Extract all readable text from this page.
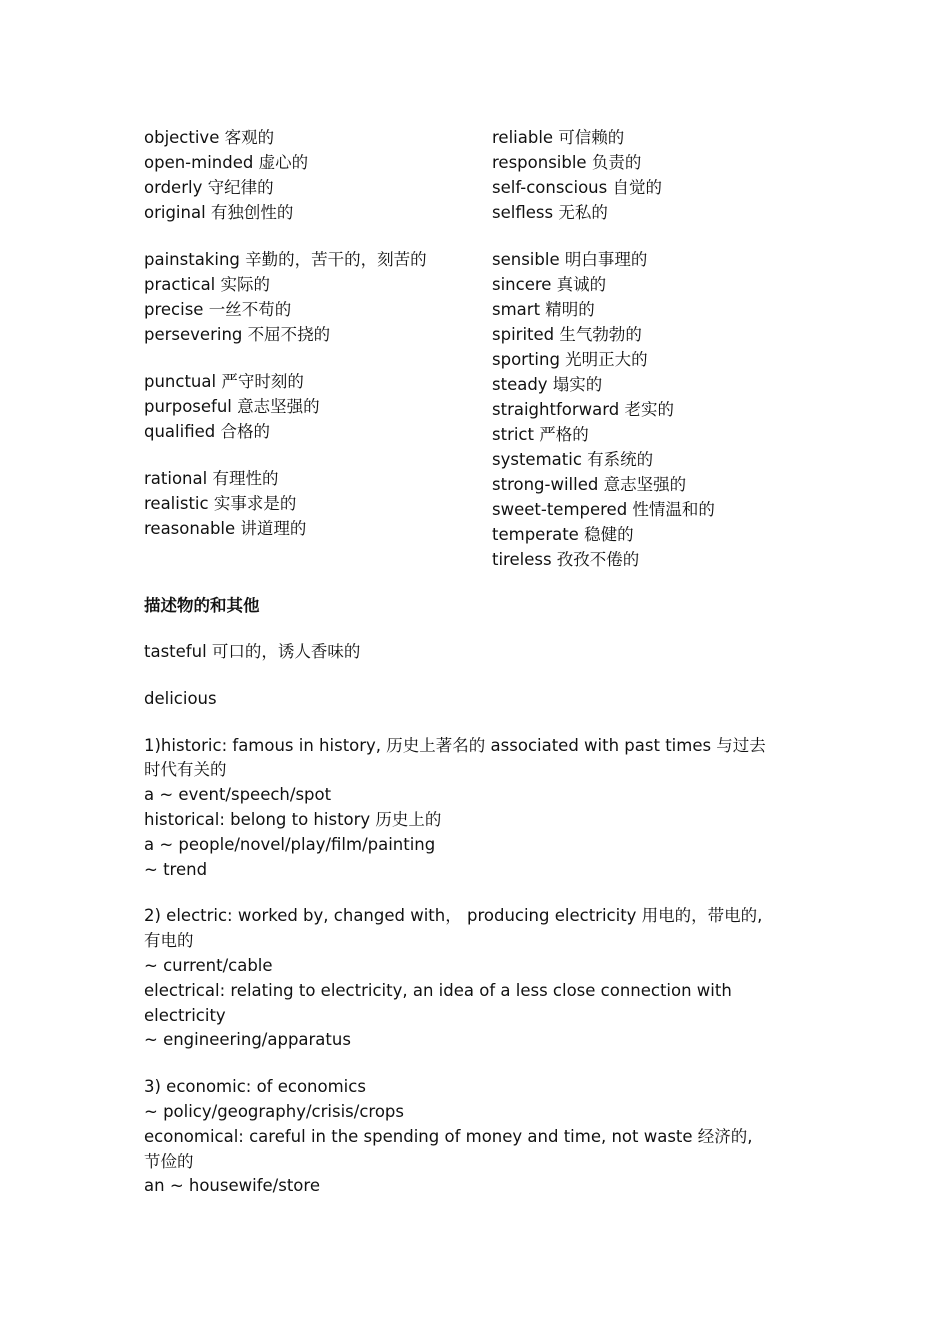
objective 客观的
open-minded 虚心的
orderly 守纪律的
original 有独创性的
painstaking 辛勤的，苦干的，刻苦的
practical 实际的
precise 一丝不苟的
persevering 不屈不挠的
punctual 严守时刻的
purposeful 意志坚强的
qualified 合格的
rational 有理性的
realistic 实事求是的
reasonable 讲道理的
reliable 可信赖的
responsible 负责的
self-conscious 自觉的
selfless 无私的
sensible 明白事理的
sincere 真诚的
smart 精明的
spirited 生气勃勃的
sporting 光明正大的
steady 塌实的
straightforward 老实的
strict 严格的
systematic 有系统的
strong-willed 意志坚强的
sweet-tempered 性情温和的
temperate 稳健的
tireless 孜孜不倦的
描述物的和其他
tasteful 可口的，诱人香味的
delicious
1)historic: famous in history, 历史上著名的 associated with past times 与过去
时代有关的
a ~ event/speech/spot
historical: belong to history 历史上的
a ~ people/novel/play/film/painting
~ trend
2) electric: worked by, changed with， producing electricity 用电的，带电的,
有电的
~ current/cable
electrical: relating to electricity, an idea of a less close connection with
electricity
~ engineering/apparatus
3) economic: of economics
~ policy/geography/crisis/crops
economical: careful in the spending of money and time, not waste 经济的,
节俭的
an ~ housewife/store
